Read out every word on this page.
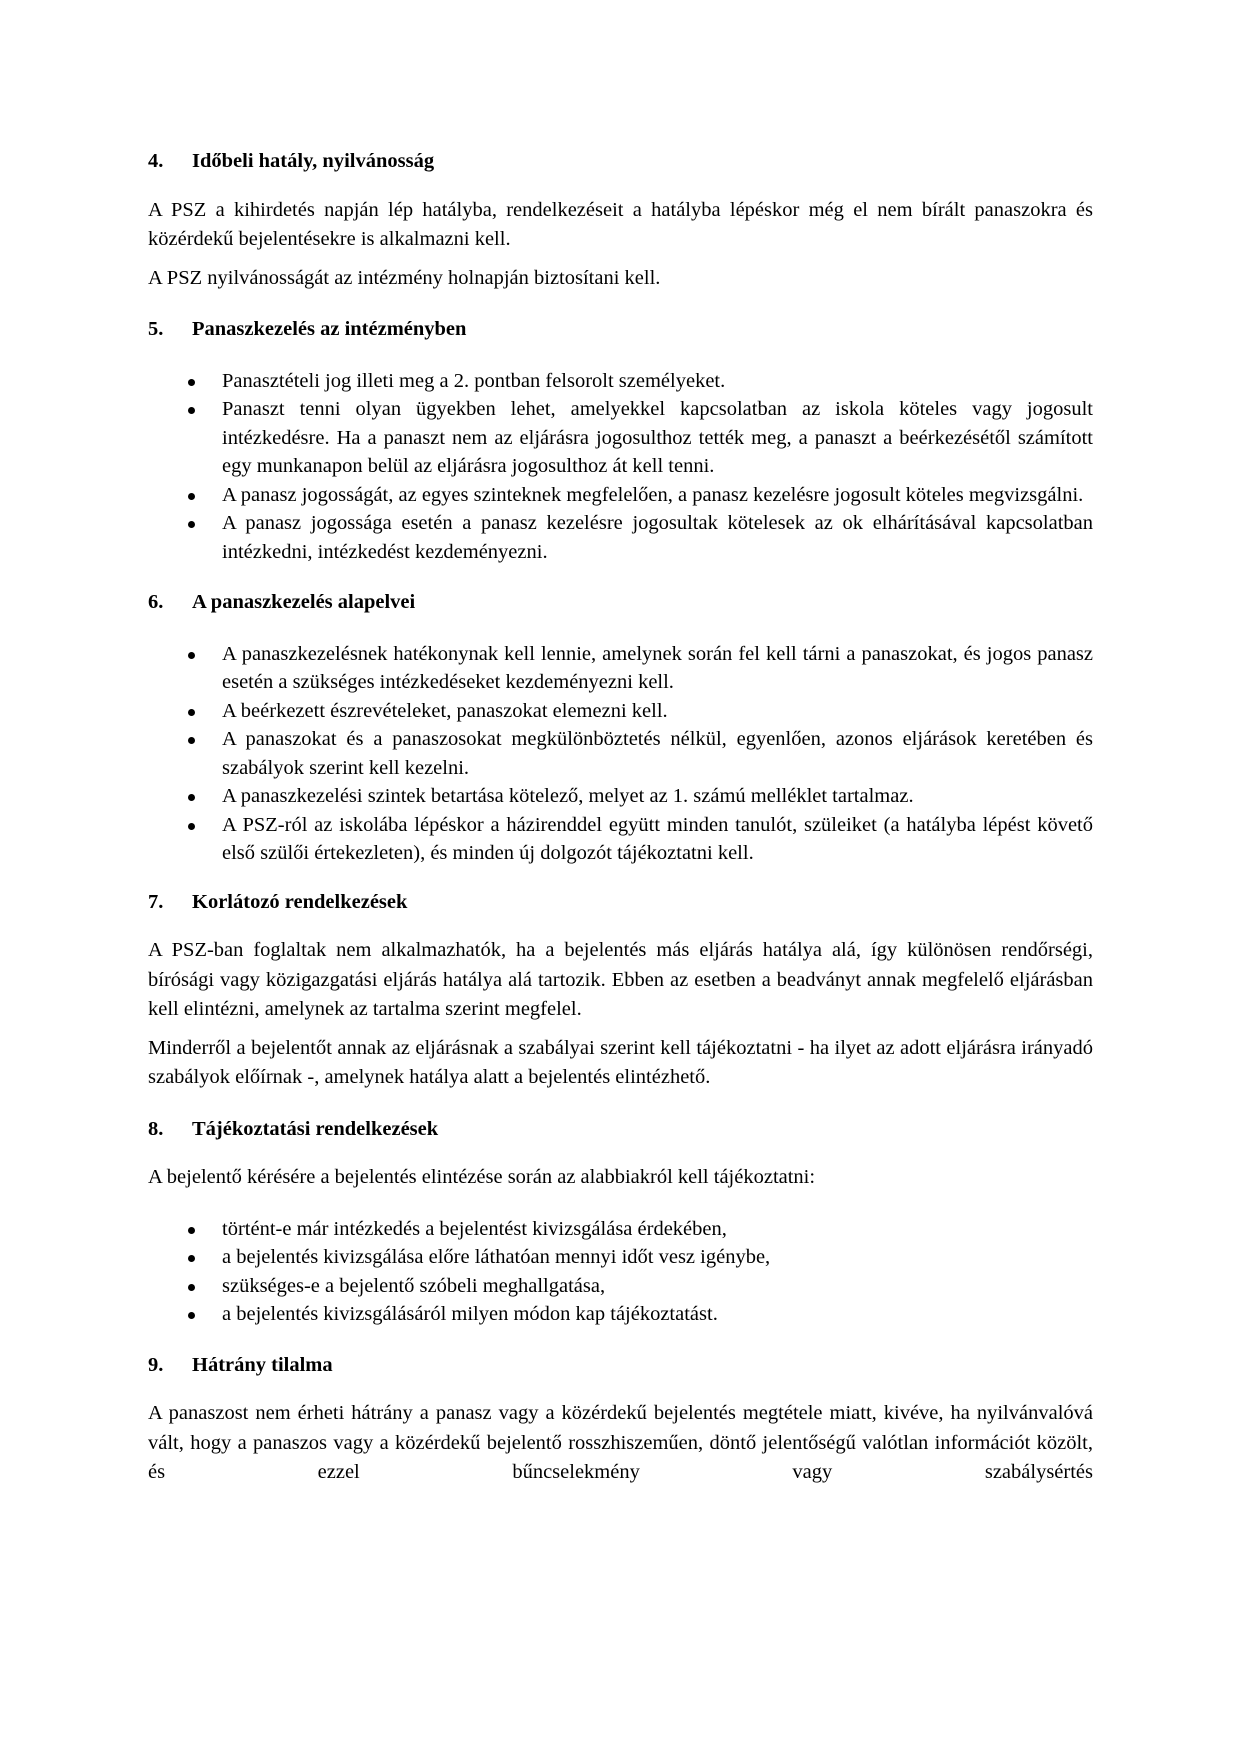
4.	Időbeli hatály, nyilvánosság

A PSZ a kihirdetés napján lép hatályba, rendelkezéseit a hatályba lépéskor még el nem bírált panaszokra és közérdekű bejelentésekre is alkalmazni kell.

A PSZ nyilvánosságát az intézmény holnapján biztosítani kell.

5.	Panaszkezelés az intézményben
Panasztételi jog illeti meg a 2. pontban felsorolt személyeket.
Panaszt tenni olyan ügyekben lehet, amelyekkel kapcsolatban az iskola köteles vagy jogosult intézkedésre. Ha a panaszt nem az eljárásra jogosulthoz tették meg, a panaszt a beérkezésétől számított egy munkanapon belül az eljárásra jogosulthoz át kell tenni.
A panasz jogosságát, az egyes szinteknek megfelelően, a panasz kezelésre jogosult köteles megvizsgálni.
A panasz jogossága esetén a panasz kezelésre jogosultak kötelesek az ok elhárításával kapcsolatban intézkedni, intézkedést kezdeményezni.
6.	A panaszkezelés alapelvei
A panaszkezelésnek hatékonynak kell lennie, amelynek során fel kell tárni a panaszokat, és jogos panasz esetén a szükséges intézkedéseket kezdeményezni kell.
A beérkezett észrevételeket, panaszokat elemezni kell.
A panaszokat és a panaszosokat megkülönböztetés nélkül, egyenlően, azonos eljárások keretében és szabályok szerint kell kezelni.
A panaszkezelési szintek betartása kötelező, melyet az 1. számú melléklet tartalmaz.
A PSZ-ról az iskolába lépéskor a házirenddel együtt minden tanulót, szüleiket (a hatályba lépést követő első szülői értekezleten), és minden új dolgozót tájékoztatni kell.
7.	Korlátozó rendelkezések

A PSZ-ban foglaltak nem alkalmazhatók, ha a bejelentés más eljárás hatálya alá, így különösen rendőrségi, bírósági vagy közigazgatási eljárás hatálya alá tartozik. Ebben az esetben a beadványt annak megfelelő eljárásban kell elintézni, amelynek az tartalma szerint megfelel.

Minderről a bejelentőt annak az eljárásnak a szabályai szerint kell tájékoztatni - ha ilyet az adott eljárásra irányadó szabályok előírnak -, amelynek hatálya alatt a bejelentés elintézhető.

8.	Tájékoztatási rendelkezések

A bejelentő kérésére a bejelentés elintézése során az alabbiakról kell tájékoztatni:

történt-e már intézkedés a bejelentést kivizsgálása érdekében,
a bejelentés kivizsgálása előre láthatóan mennyi időt vesz igénybe,
szükséges-e a bejelentő szóbeli meghallgatása,
a bejelentés kivizsgálásáról milyen módon kap tájékoztatást.
9.	Hátrány tilalma

A panaszost nem érheti hátrány a panasz vagy a közérdekű bejelentés megtétele miatt, kivéve, ha nyilvánvalóvá vált, hogy a panaszos vagy a közérdekű bejelentő rosszhiszeműen, döntő jelentőségű valótlan információt közölt, és ezzel bűncselekmény vagy szabálysértés
